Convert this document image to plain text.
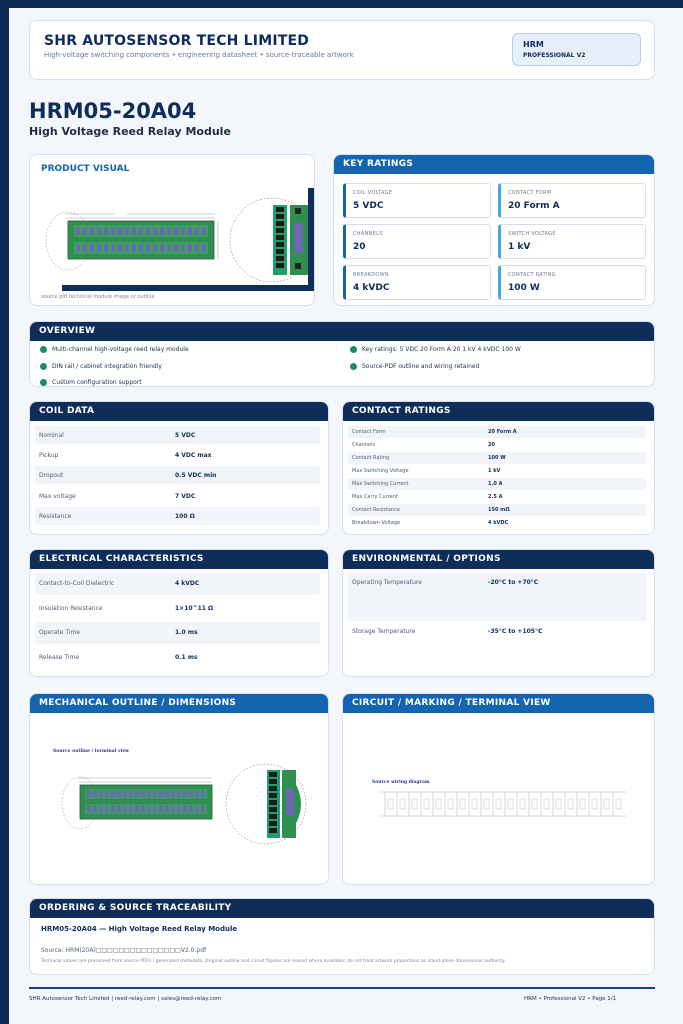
SHR AUTOSENSOR TECH LIMITED
High-voltage switching components • engineering datasheet • source-traceable artwork
HRM
PROFESSIONAL V2
HRM05-20A04
High Voltage Reed Relay Module
PRODUCT VISUAL
source pdf technical module image or outline
KEY RATINGS
COIL VOLTAGE
5 VDC
CONTACT FORM
20 Form A
CHANNELS
20
SWITCH VOLTAGE
1 kV
BREAKDOWN
4 kVDC
CONTACT RATING
100 W
OVERVIEW
Multi-channel high-voltage reed relay module	Key ratings: 5 VDC 20 Form A 20 1 kV 4 kVDC 100 W
DIN rail / cabinet integration friendly	Source-PDF outline and wiring retained
Custom configuration support
COIL DATA
Nominal	5 VDC
Pickup	4 VDC max
Dropout	0.5 VDC min
Max voltage	7 VDC
Resistance	100 Ω
CONTACT RATINGS
Contact Form	20 Form A
Channels	20
Contact Rating	100 W
Max Switching Voltage	1 kV
Max Switching Current	1.0 A
Max Carry Current	2.5 A
Contact Resistance	150 mΩ
Breakdown Voltage	4 kVDC
ELECTRICAL CHARACTERISTICS
Contact-to-Coil Dielectric	4 kVDC
Insulation Resistance	1×10^11 Ω
Operate Time	1.0 ms
Release Time	0.1 ms
ENVIRONMENTAL / OPTIONS
Operating Temperature	-20°C to +70°C
Storage Temperature	-35°C to +105°C
MECHANICAL OUTLINE / DIMENSIONS
Source outline / terminal view
CIRCUIT / MARKING / TERMINAL VIEW
Source wiring diagram
ORDERING & SOURCE TRACEABILITY
HRM05-20A04 — High Voltage Reed Relay Module
Source: HRM(20A)□□□□□□□□□□□□□□□V2.0.pdf
Technical values are preserved from source PDFs / generated metadata. Original outline and circuit figures are reused where available; do not treat artwork proportions as stand-alone dimensional authority.
SHR Autosensor Tech Limited | reed-relay.com | sales@reed-relay.com	HRM • Professional V2 • Page 1/1
